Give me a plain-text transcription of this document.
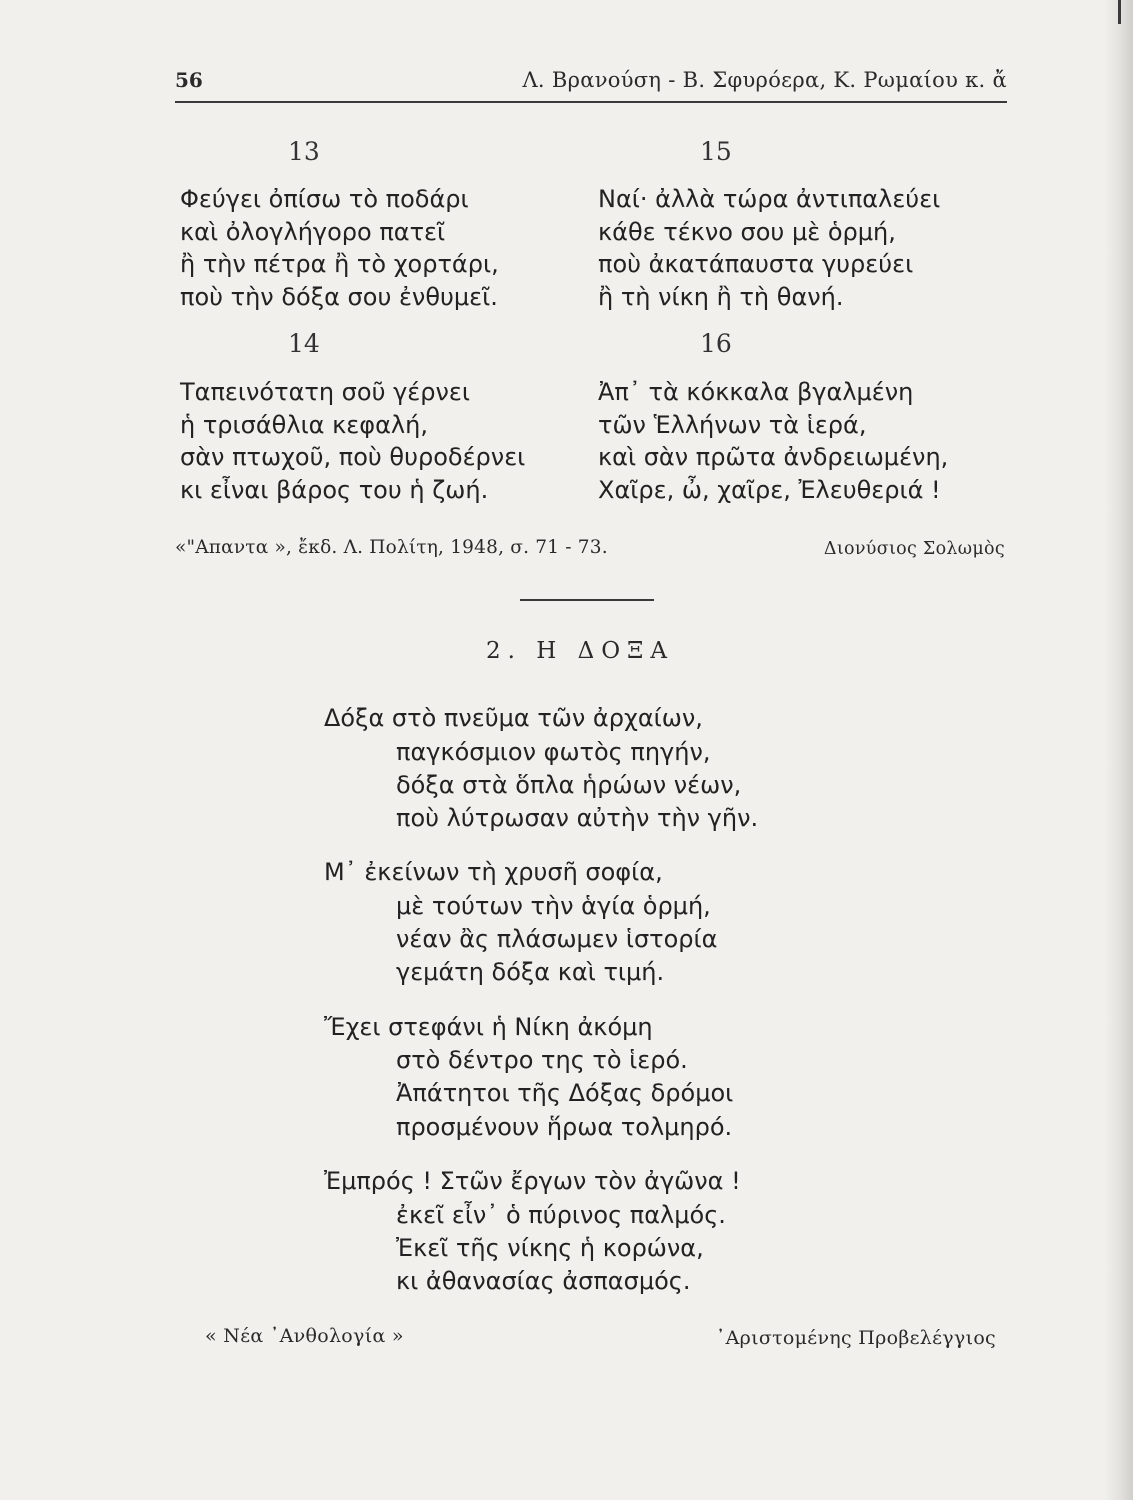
56	Λ. Βρανούση - Β. Σφυρόερα, Κ. Ρωμαίου κ. ἄ
13	15
14	16
Φεύγει ὀπίσω τὸ ποδάρι
καὶ ὀλογλήγορο πατεῖ
ἢ τὴν πέτρα ἢ τὸ χορτάρι,
ποὺ τὴν δόξα σου ἐνθυμεῖ.
Ναί· ἀλλὰ τώρα ἀντιπαλεύει
κάθε τέκνο σου μὲ ὁρμή,
ποὺ ἀκατάπαυστα γυρεύει
ἢ τὴ νίκη ἢ τὴ θανή.
Ταπεινότατη σοῦ γέρνει
ἡ τρισάθλια κεφαλή,
σὰν πτωχοῦ, ποὺ θυροδέρνει
κι εἶναι βάρος του ἡ ζωή.
Ἀπ᾿ τὰ κόκκαλα βγαλμένη
τῶν Ἑλλήνων τὰ ἱερά,
καὶ σὰν πρῶτα ἀνδρειωμένη,
Χαῖρε, ὦ, χαῖρε, Ἐλευθεριά !
«"Απαντα », ἔκδ. Λ. Πολίτη, 1948, σ. 71 - 73.	Διονύσιος Σολωμὸς
2. Η ΔΟΞΑ
Δόξα στὸ πνεῦμα τῶν ἀρχαίων,
παγκόσμιον φωτὸς πηγήν,
δόξα στὰ ὅπλα ἡρώων νέων,
ποὺ λύτρωσαν αὐτὴν τὴν γῆν.
Μ᾿ ἐκείνων τὴ χρυσῆ σοφία,
μὲ τούτων τὴν ἁγία ὁρμή,
νέαν ἂς πλάσωμεν ἱστορία
γεμάτη δόξα καὶ τιμή.
Ἔχει στεφάνι ἡ Νίκη ἀκόμη
στὸ δέντρο της τὸ ἱερό.
Ἀπάτητοι τῆς Δόξας δρόμοι
προσμένουν ἥρωα τολμηρό.
Ἐμπρός ! Στῶν ἔργων τὸν ἀγῶνα !
ἐκεῖ εἶν᾿ ὁ πύρινος παλμός.
Ἐκεῖ τῆς νίκης ἡ κορώνα,
κι ἀθανασίας ἀσπασμός.
« Νέα ᾿Ανθολογία »	᾿Αριστομένης Προβελέγγιος
